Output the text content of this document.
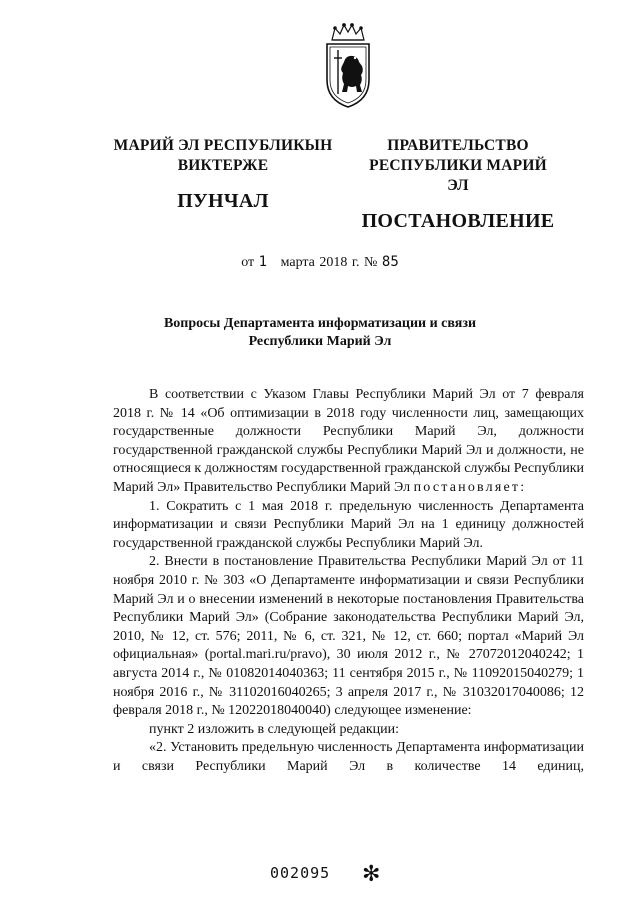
МАРИЙ ЭЛ РЕСПУБЛИКЫН
ВИКТЕРЖЕ
ПУНЧАЛ
ПРАВИТЕЛЬСТВО
РЕСПУБЛИКИ МАРИЙ ЭЛ
ПОСТАНОВЛЕНИЕ
от 1 марта 2018 г. № 85
Вопросы Департамента информатизации и связи
Республики Марий Эл

В соответствии с Указом Главы Республики Марий Эл от 7 февраля 2018 г. № 14 «Об оптимизации в 2018 году численности лиц, замещающих государственные должности Республики Марий Эл, должности государственной гражданской службы Республики Марий Эл и должности, не относящиеся к должностям государственной гражданской службы Республики Марий Эл» Правительство Республики Марий Эл постановляет:

1. Сократить с 1 мая 2018 г. предельную численность Департамента информатизации и связи Республики Марий Эл на 1 единицу должностей государственной гражданской службы Республики Марий Эл.

2. Внести в постановление Правительства Республики Марий Эл от 11 ноября 2010 г. № 303 «О Департаменте информатизации и связи Республики Марий Эл и о внесении изменений в некоторые постановления Правительства Республики Марий Эл» (Собрание законодательства Республики Марий Эл, 2010, № 12, ст. 576; 2011, № 6, ст. 321, № 12, ст. 660; портал «Марий Эл официальная» (portal.mari.ru/pravo), 30 июля 2012 г., № 27072012040242; 1 августа 2014 г., № 01082014040363; 11 сентября 2015 г., № 11092015040279; 1 ноября 2016 г., № 31102016040265; 3 апреля 2017 г., № 31032017040086; 12 февраля 2018 г., № 12022018040040) следующее изменение:

пункт 2 изложить в следующей редакции:

«2. Установить предельную численность Департамента информатизации и связи Республики Марий Эл в количестве 14 единиц,

002095 ✻
